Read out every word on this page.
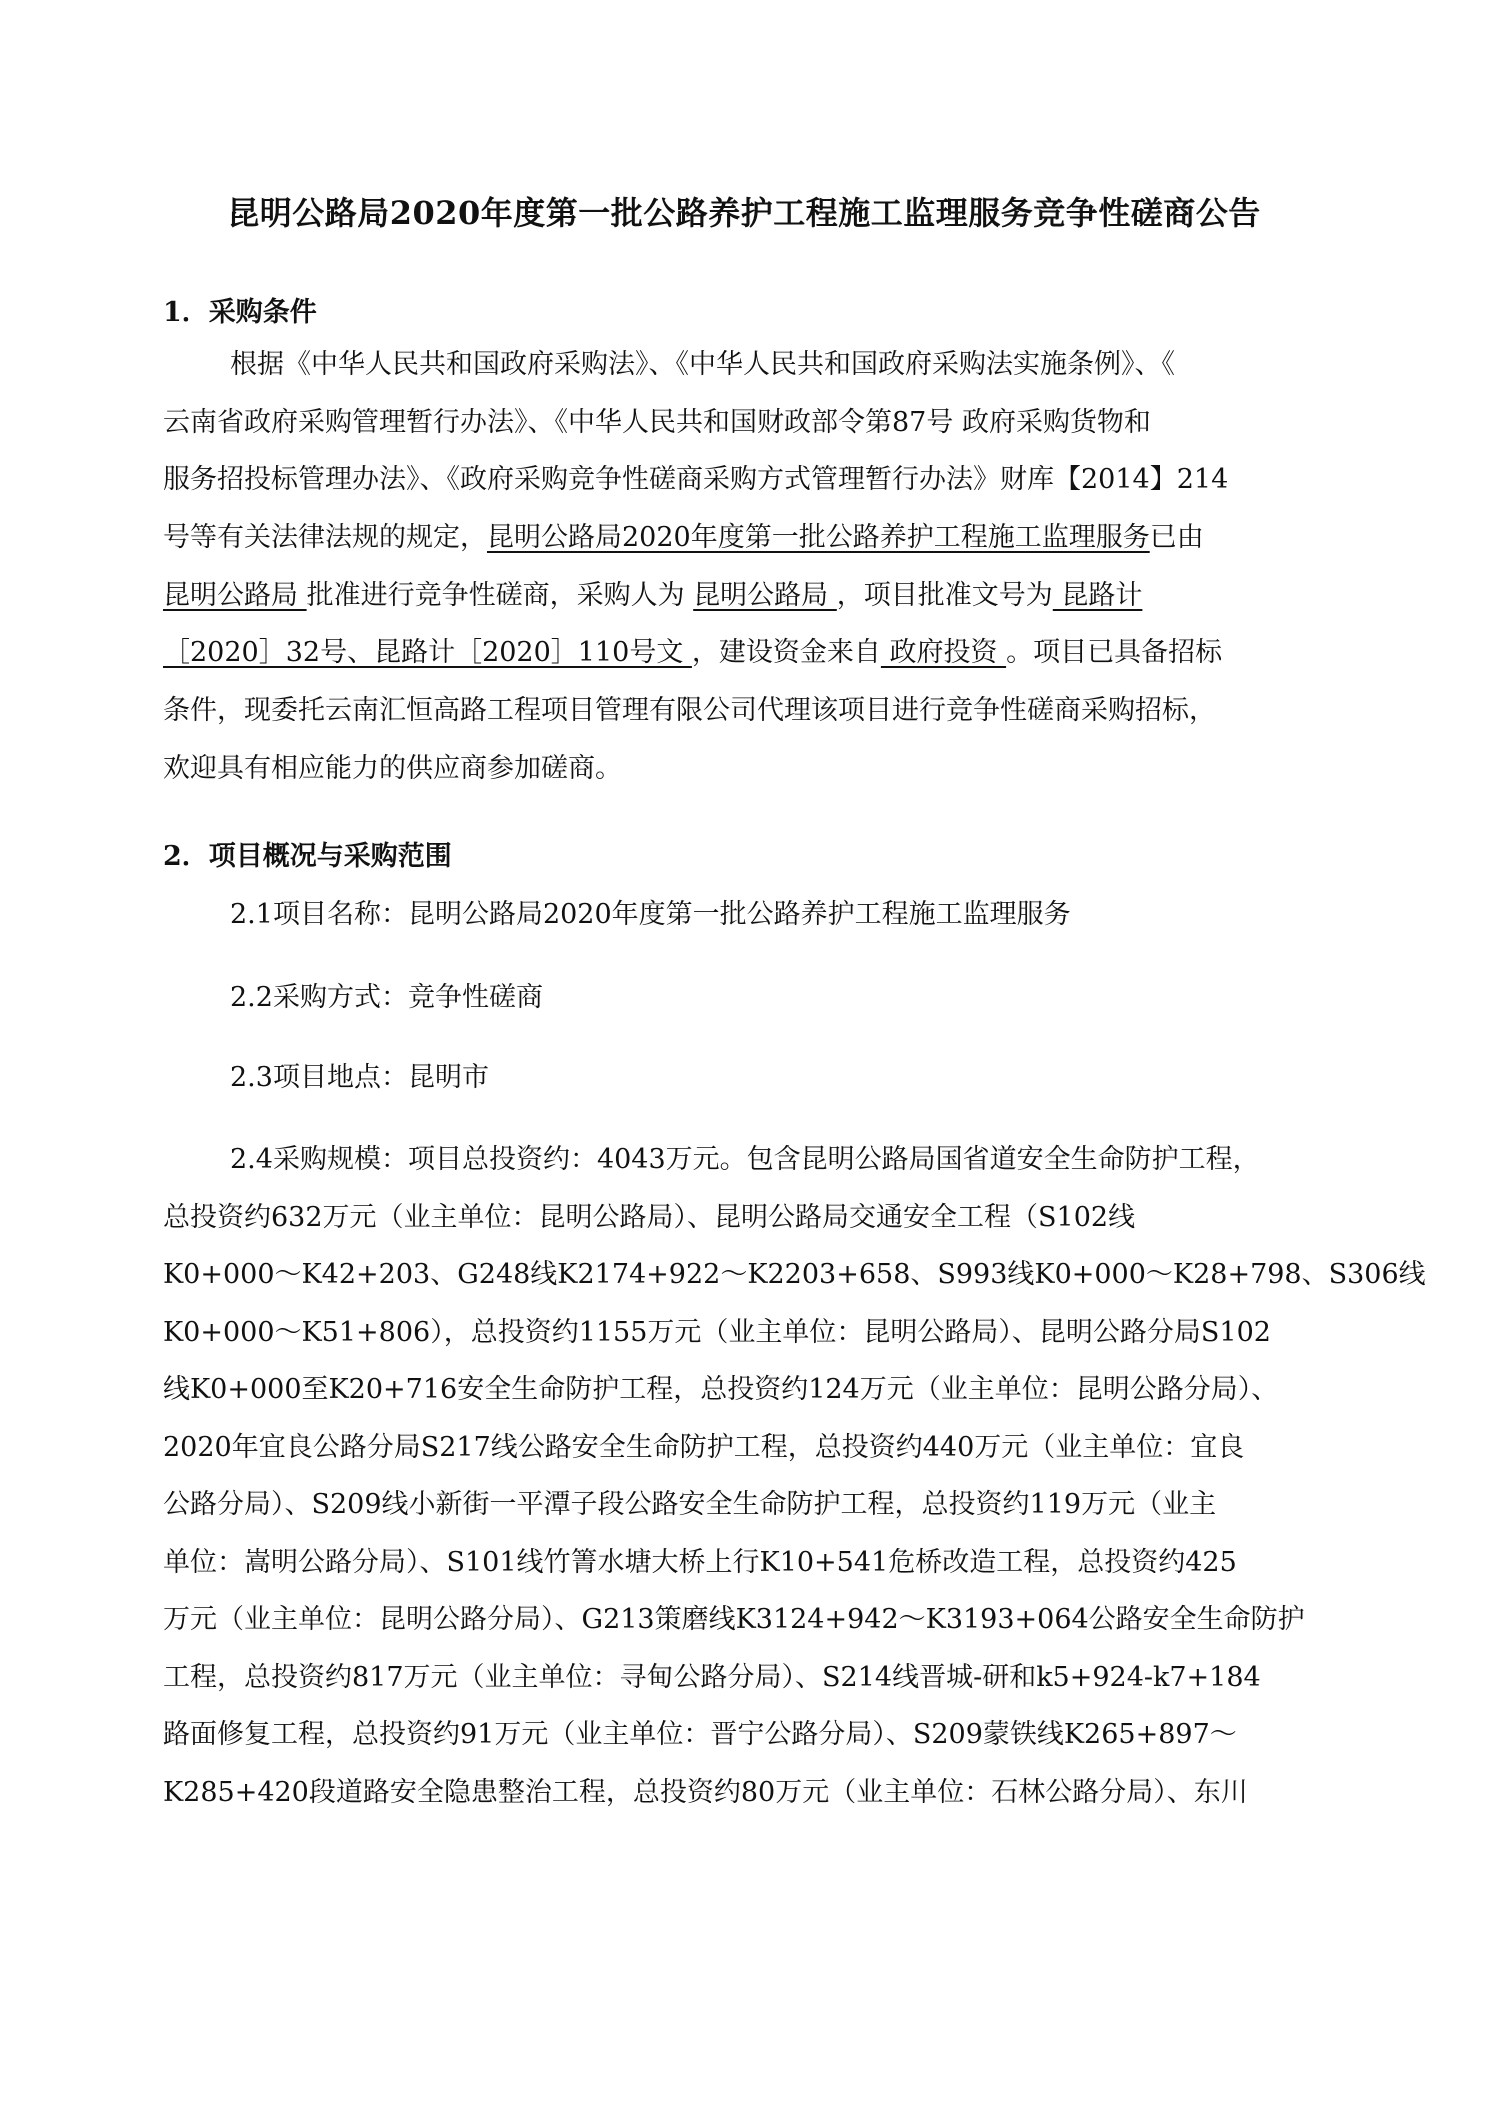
昆明公路局2020年度第一批公路养护工程施工监理服务竞争性磋商公告
1．采购条件
根据《中华人民共和国政府采购法》、《中华人民共和国政府采购法实施条例》、《
云南省政府采购管理暂行办法》、《中华人民共和国财政部令第87号 政府采购货物和
服务招投标管理办法》、《政府采购竞争性磋商采购方式管理暂行办法》财库【2014】214
号等有关法律法规的规定，昆明公路局2020年度第一批公路养护工程施工监理服务已由
昆明公路局 批准进行竞争性磋商，采购人为 昆明公路局 ，项目批准文号为 昆路计
［2020］32号、昆路计［2020］110号文 ，建设资金来自 政府投资 。项目已具备招标
条件，现委托云南汇恒高路工程项目管理有限公司代理该项目进行竞争性磋商采购招标，
欢迎具有相应能力的供应商参加磋商。
2．项目概况与采购范围
2.1项目名称：昆明公路局2020年度第一批公路养护工程施工监理服务
2.2采购方式：竞争性磋商
2.3项目地点：昆明市
2.4采购规模：项目总投资约：4043万元。包含昆明公路局国省道安全生命防护工程，
总投资约632万元（业主单位：昆明公路局）、昆明公路局交通安全工程（S102线
K0+000～K42+203、G248线K2174+922～K2203+658、S993线K0+000～K28+798、S306线
K0+000～K51+806），总投资约1155万元（业主单位：昆明公路局）、昆明公路分局S102
线K0+000至K20+716安全生命防护工程，总投资约124万元（业主单位：昆明公路分局）、
2020年宜良公路分局S217线公路安全生命防护工程，总投资约440万元（业主单位：宜良
公路分局）、S209线小新街一平潭子段公路安全生命防护工程，总投资约119万元（业主
单位：嵩明公路分局）、S101线竹箐水塘大桥上行K10+541危桥改造工程，总投资约425
万元（业主单位：昆明公路分局）、G213策磨线K3124+942～K3193+064公路安全生命防护
工程，总投资约817万元（业主单位：寻甸公路分局）、S214线晋城-研和k5+924-k7+184
路面修复工程，总投资约91万元（业主单位：晋宁公路分局）、S209蒙铁线K265+897～
K285+420段道路安全隐患整治工程，总投资约80万元（业主单位：石林公路分局）、东川
